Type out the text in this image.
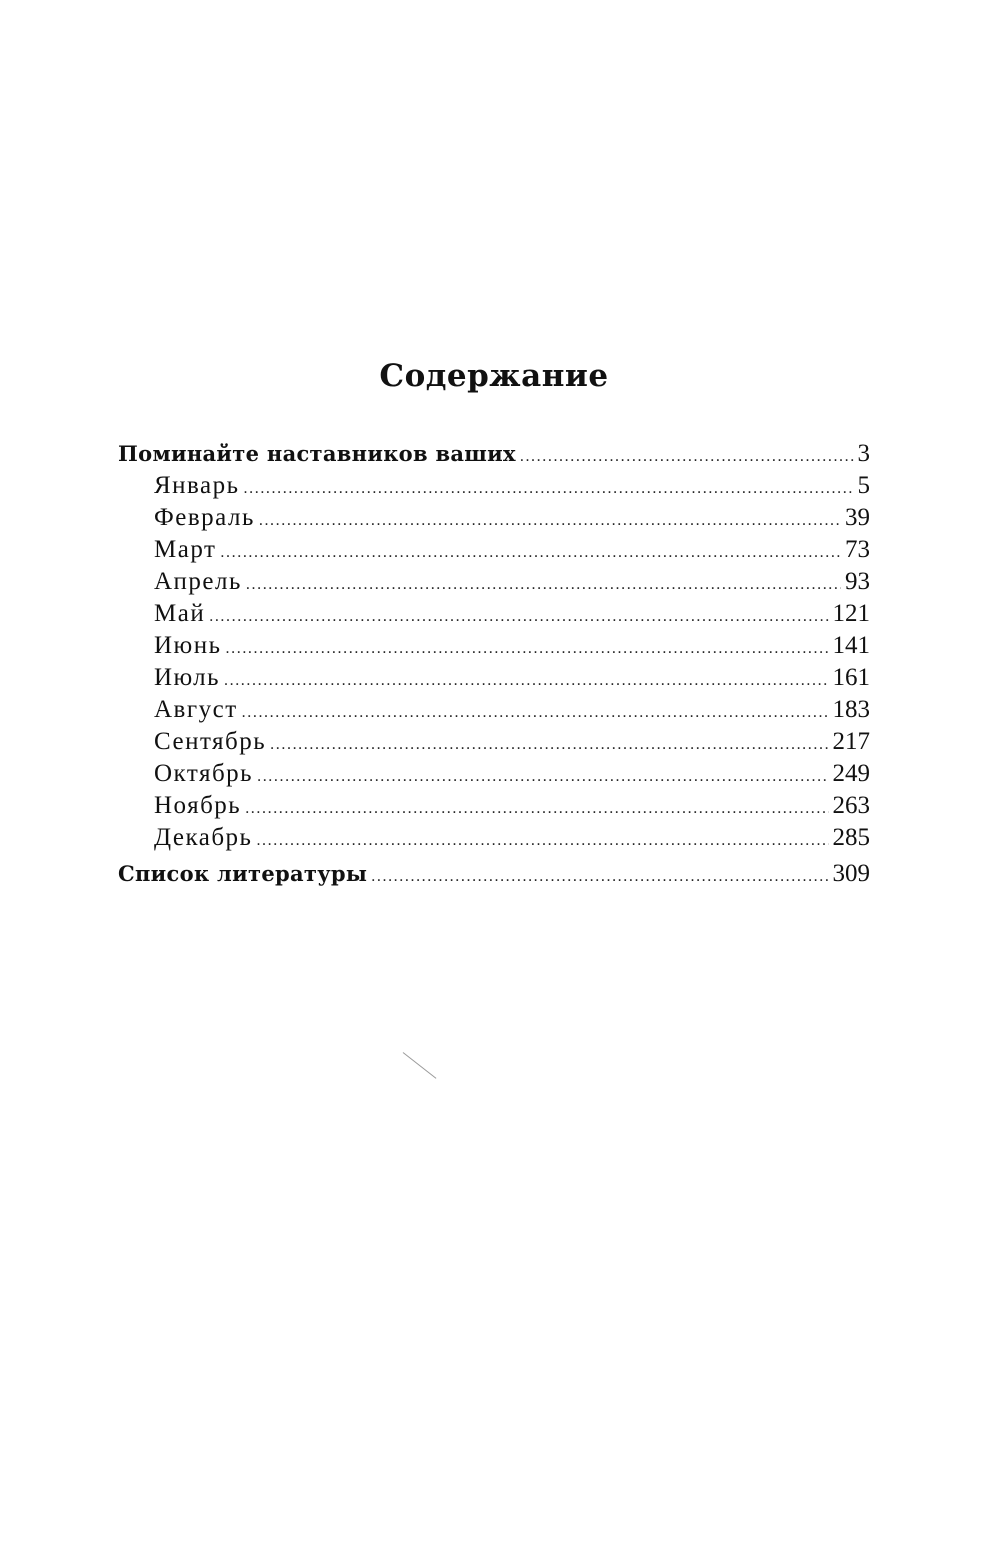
Содержание
Поминайте наставников ваших .....	3
Январь .....	5
Февраль .....	39
Март .....	73
Апрель .....	93
Май .....	121
Июнь .....	141
Июль .....	161
Август .....	183
Сентябрь .....	217
Октябрь .....	249
Ноябрь .....	263
Декабрь .....	285
Список литературы .....	309
